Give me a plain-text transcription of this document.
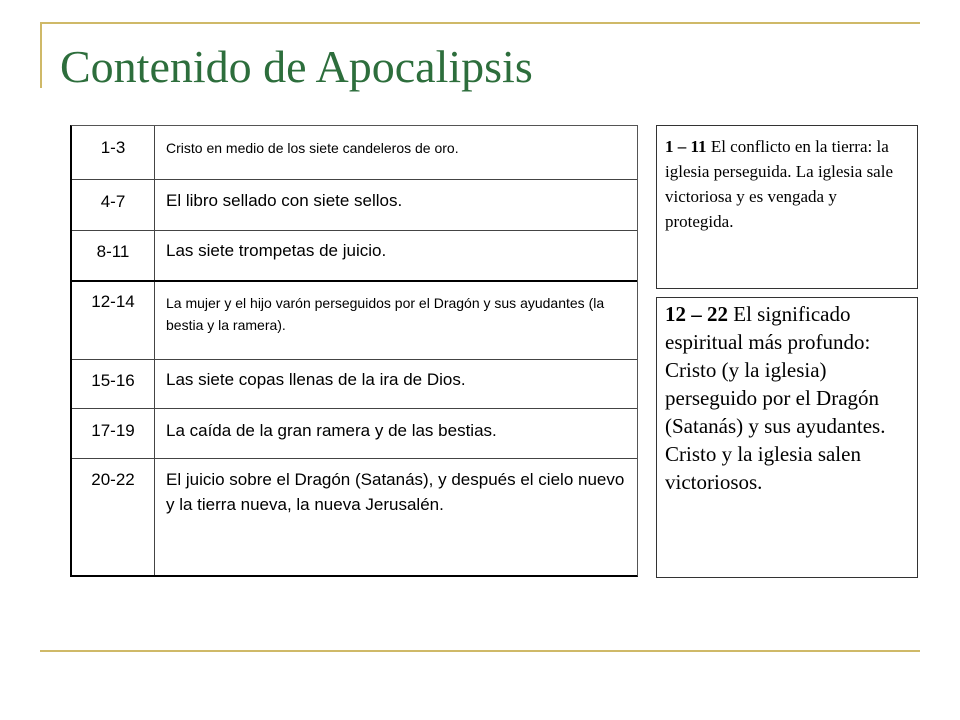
Contenido de Apocalipsis
1-3	Cristo en medio de los siete candeleros de oro.
4-7	El libro sellado con siete sellos.
8-11	Las siete trompetas de juicio.
12-14	La mujer y el hijo varón perseguidos por el Dragón y sus ayudantes (la bestia y la ramera).
15-16	Las siete copas llenas de la ira de Dios.
17-19	La caída de la gran ramera y de las bestias.
20-22	El juicio sobre el Dragón (Satanás), y después el cielo nuevo y la tierra nueva, la nueva Jerusalén.
1 – 11 El conflicto en la tierra: la iglesia perseguida. La iglesia sale victoriosa y es vengada y protegida.
12 – 22 El significado espiritual más profundo: Cristo (y la iglesia) perseguido por el Dragón (Satanás) y sus ayudantes. Cristo y la iglesia salen victoriosos.
